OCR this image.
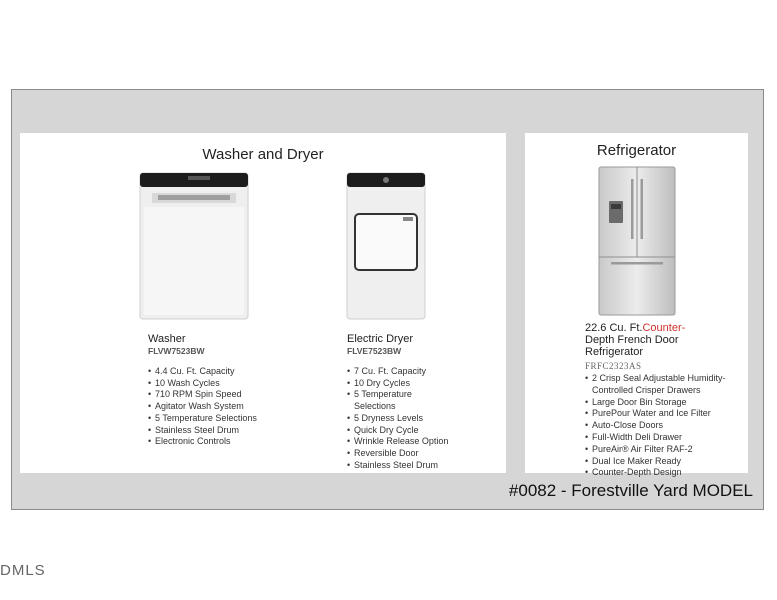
Washer and Dryer
Washer
FLVW7523BW
• 4.4 Cu. Ft. Capacity
• 10 Wash Cycles
• 710 RPM Spin Speed
• Agitator Wash System
• 5 Temperature Selections
• Stainless Steel Drum
• Electronic Controls
Electric Dryer
FLVE7523BW
• 7 Cu. Ft. Capacity
• 10 Dry Cycles
• 5 Temperature Selections
• 5 Dryness Levels
• Quick Dry Cycle
• Wrinkle Release Option
• Reversible Door
• Stainless Steel Drum
Refrigerator
22.6 Cu. Ft.Counter-
Depth French Door Refrigerator
FRFC2323AS
• 2 Crisp Seal Adjustable Humidity-Controlled Crisper Drawers
• Large Door Bin Storage
• PurePour Water and Ice Filter
• Auto-Close Doors
• Full-Width Deli Drawer
• PureAir® Air Filter RAF-2
• Dual Ice Maker Ready
• Counter-Depth Design
#0082 - Forestville Yard MODEL
DMLS
